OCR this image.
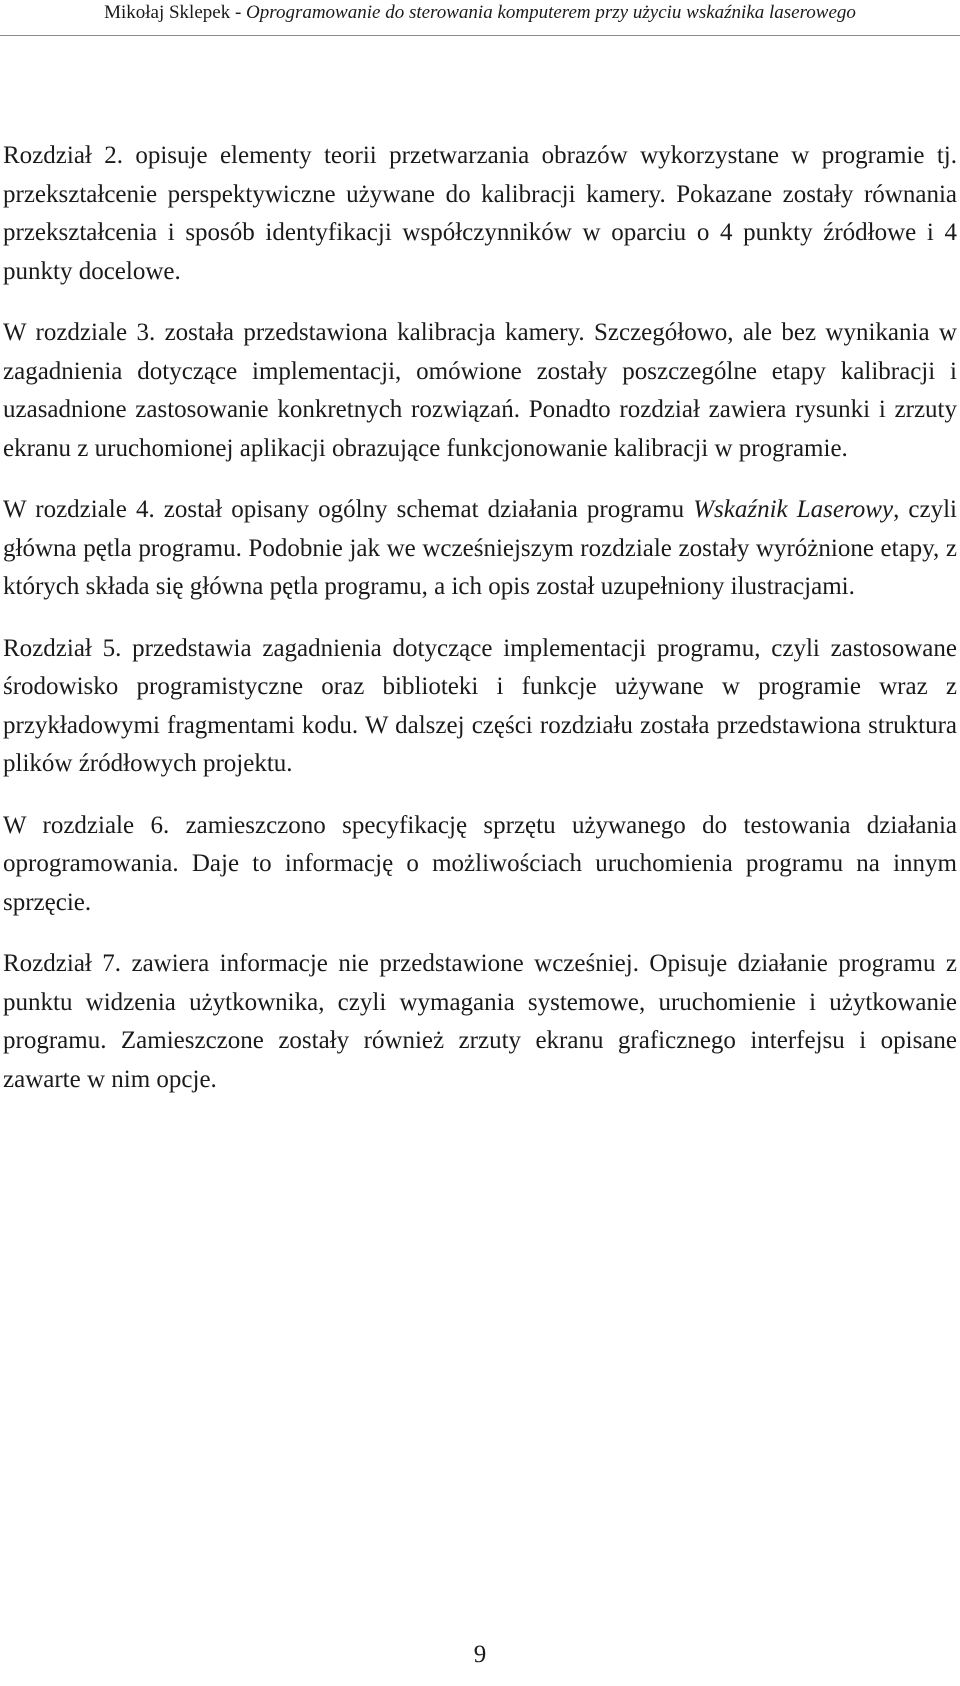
Mikołaj Sklepek - Oprogramowanie do sterowania komputerem przy użyciu wskaźnika laserowego

Rozdział 2. opisuje elementy teorii przetwarzania obrazów wykorzystane w programie tj. przekształcenie perspektywiczne używane do kalibracji kamery. Pokazane zostały równania przekształcenia i sposób identyfikacji współczynników w oparciu o 4 punkty źródłowe i 4 punkty docelowe.

W rozdziale 3. została przedstawiona kalibracja kamery. Szczegółowo, ale bez wynikania w zagadnienia dotyczące implementacji, omówione zostały poszczególne etapy kalibracji i uzasadnione zastosowanie konkretnych rozwiązań. Ponadto rozdział zawiera rysunki i zrzuty ekranu z uruchomionej aplikacji obrazujące funkcjonowanie kalibracji w programie.

W rozdziale 4. został opisany ogólny schemat działania programu Wskaźnik Laserowy, czyli główna pętla programu. Podobnie jak we wcześniejszym rozdziale zostały wyróżnione etapy, z których składa się główna pętla programu, a ich opis został uzupełniony ilustracjami.

Rozdział 5. przedstawia zagadnienia dotyczące implementacji programu, czyli zastosowane środowisko programistyczne oraz biblioteki i funkcje używane w programie wraz z przykładowymi fragmentami kodu. W dalszej części rozdziału została przedstawiona struktura plików źródłowych projektu.

W rozdziale 6. zamieszczono specyfikację sprzętu używanego do testowania działania oprogramowania. Daje to informację o możliwościach uruchomienia programu na innym sprzęcie.

Rozdział 7. zawiera informacje nie przedstawione wcześniej. Opisuje działanie programu z punktu widzenia użytkownika, czyli wymagania systemowe, uruchomienie i użytkowanie programu. Zamieszczone zostały również zrzuty ekranu graficznego interfejsu i opisane zawarte w nim opcje.

9
